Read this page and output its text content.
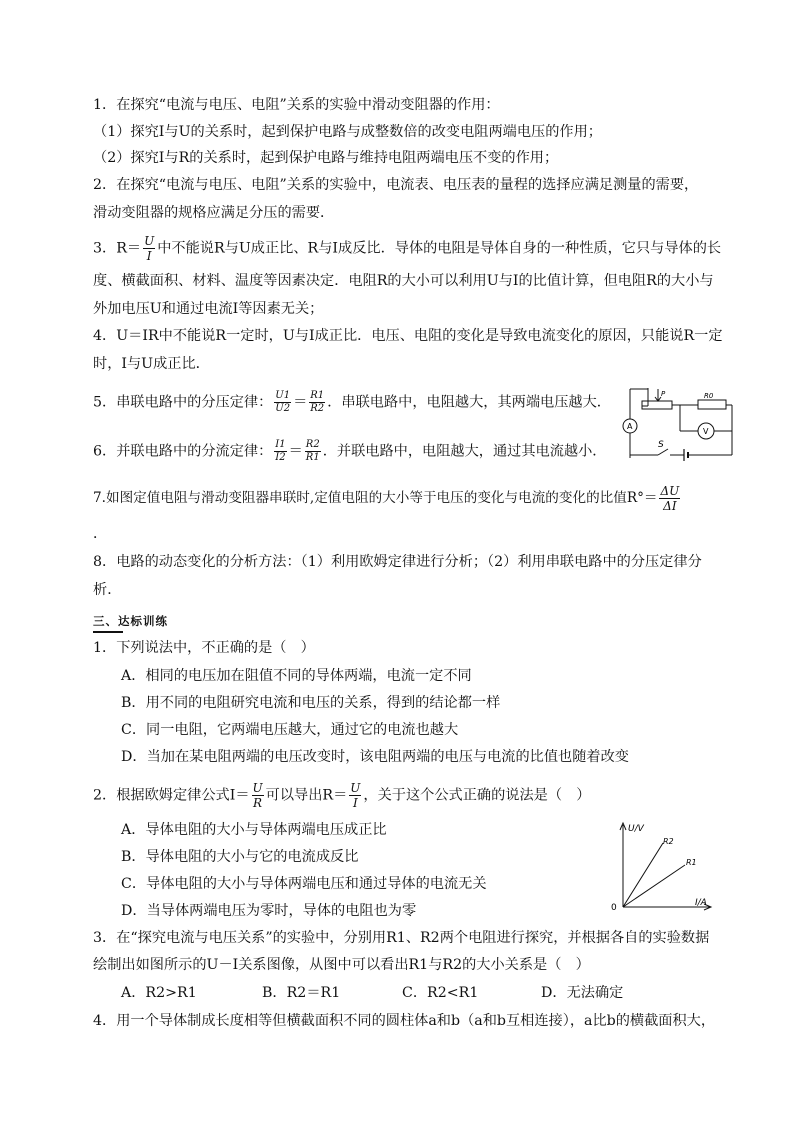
1．在探究“电流与电压、电阻”关系的实验中滑动变阻器的作用：
（1）探究I与U的关系时，起到保护电路与成整数倍的改变电阻两端电压的作用；
（2）探究I与R的关系时，起到保护电路与维持电阻两端电压不变的作用；
2．在探究“电流与电压、电阻”关系的实验中，电流表、电压表的量程的选择应满足测量的需要，
滑动变阻器的规格应满足分压的需要．
3．$R= \frac{U}{I}$ 中不能说R与U成正比、R与I成反比．导体的电阻是导体自身的一种性质，它只与导体的长
度、横截面积、材料、温度等因素决定．电阻R的大小可以利用U与I的比值计算，但电阻R的大小与
外加电压U和通过电流I等因素无关；
4．U＝IR中不能说R一定时，U与I成正比．电压、电阻的变化是导致电流变化的原因，只能说R一定
时，I与U成正比．
5．串联电路中的分压定律： $\frac{U1}{U2} = \frac{R1}{R2}$ ．串联电路中，电阻越大，其两端电压越大．
6．并联电路中的分流定律： $\frac{I1}{I2} = \frac{R2}{R1}$ ．并联电路中，电阻越大，通过其电流越小．
7.如图定值电阻与滑动变阻器串联时,定值电阻的大小等于电压的变化与电流的变化的比值$R^\circ= \frac{\Delta U}{\Delta I}$
．
8．电路的动态变化的分析方法：（1）利用欧姆定律进行分析；（2）利用串联电路中的分压定律分
析．
P	R0
A
V
S
三、达标训练
1．下列说法中，不正确的是（　）
A．相同的电压加在阻值不同的导体两端，电流一定不同
B．用不同的电阻研究电流和电压的关系，得到的结论都一样
C．同一电阻，它两端电压越大，通过它的电流也越大
D．当加在某电阻两端的电压改变时，该电阻两端的电压与电流的比值也随着改变
2．根据欧姆定律公式$I= \frac{U}{R}$ 可以导出$R= \frac{U}{I}$ ，关于这个公式正确的说法是（　）
A．导体电阻的大小与导体两端电压成正比
B．导体电阻的大小与它的电流成反比
C．导体电阻的大小与导体两端电压和通过导体的电流无关
D．当导体两端电压为零时，导体的电阻也为零
U/V
I/A
0
R2
R1
3．在“探究电流与电压关系”的实验中，分别用R1、R2两个电阻进行探究，并根据各自的实验数据
绘制出如图所示的U－I关系图像，从图中可以看出R1与R2的大小关系是（　）
A．R2>R1	B．R2＝R1	C．R2<R1	D．无法确定
4．用一个导体制成长度相等但横截面积不同的圆柱体a和b（a和b互相连接），a比b的横截面积大，
